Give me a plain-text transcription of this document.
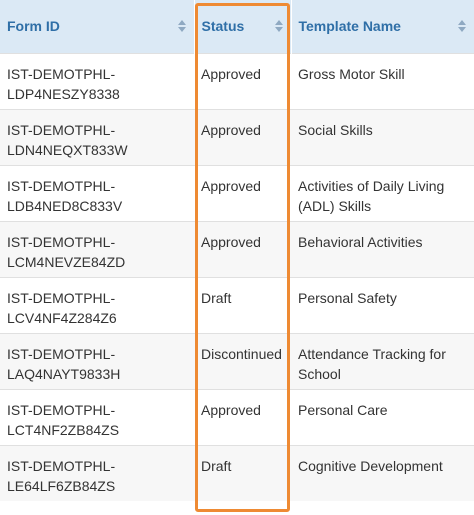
Form ID	Status	Template Name

IST-DEMOTPHL-LDP4NESZY8338	Approved	Gross Motor Skill
IST-DEMOTPHL-LDN4NEQXT833W	Approved	Social Skills
IST-DEMOTPHL-LDB4NED8C833V	Approved	Activities of Daily Living (ADL) Skills
IST-DEMOTPHL-LCM4NEVZE84ZD	Approved	Behavioral Activities
IST-DEMOTPHL-LCV4NF4Z284Z6	Draft	Personal Safety
IST-DEMOTPHL-LAQ4NAYT9833H	Discontinued	Attendance Tracking for School
IST-DEMOTPHL-LCT4NF2ZB84ZS	Approved	Personal Care
IST-DEMOTPHL-LE64LF6ZB84ZS	Draft	Cognitive Development
